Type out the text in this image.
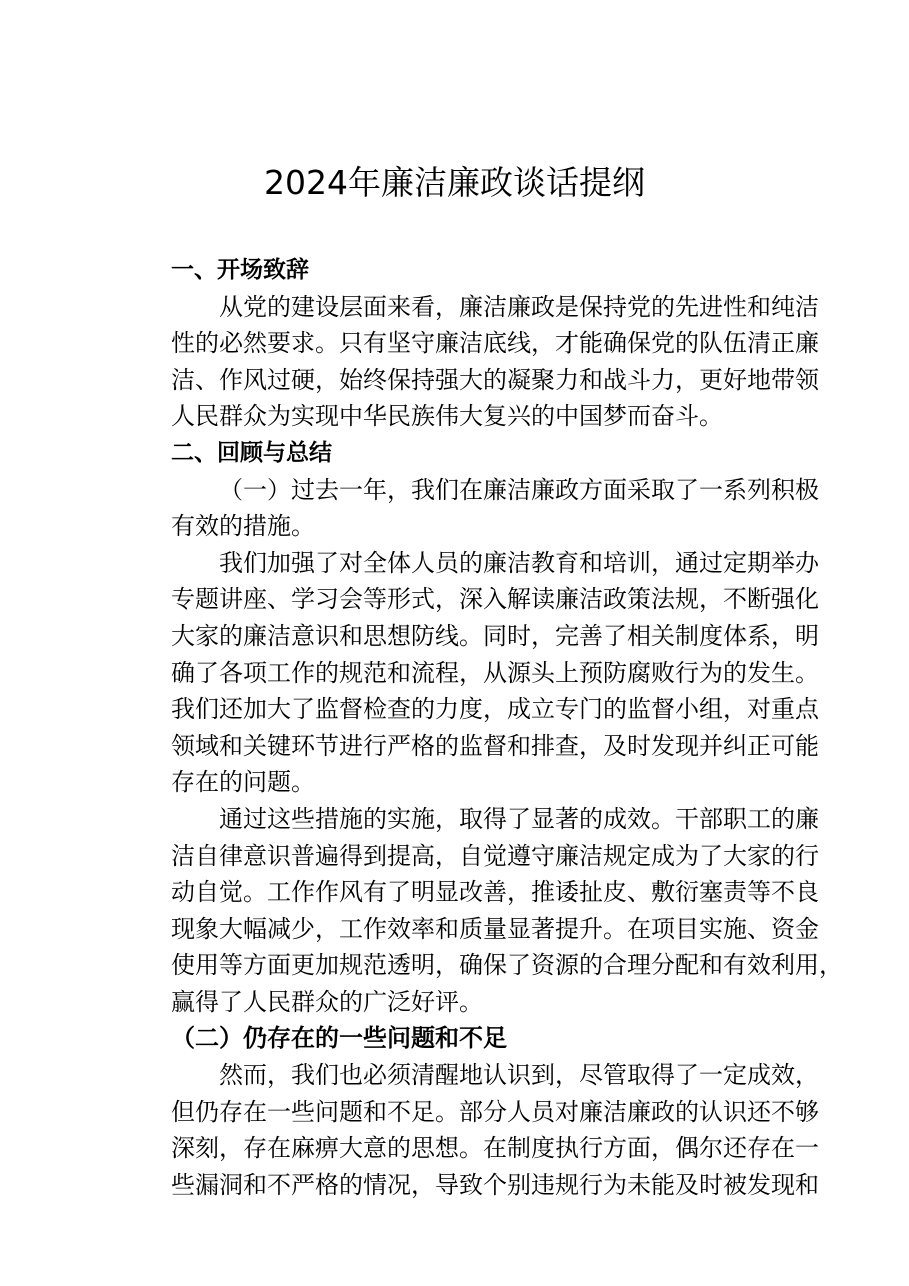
2024年廉洁廉政谈话提纲
一、开场致辞
从党的建设层面来看，廉洁廉政是保持党的先进性和纯洁
性的必然要求。只有坚守廉洁底线，才能确保党的队伍清正廉
洁、作风过硬，始终保持强大的凝聚力和战斗力，更好地带领
人民群众为实现中华民族伟大复兴的中国梦而奋斗。
二、回顾与总结
（一）过去一年，我们在廉洁廉政方面采取了一系列积极
有效的措施。
我们加强了对全体人员的廉洁教育和培训，通过定期举办
专题讲座、学习会等形式，深入解读廉洁政策法规，不断强化
大家的廉洁意识和思想防线。同时，完善了相关制度体系，明
确了各项工作的规范和流程，从源头上预防腐败行为的发生。
我们还加大了监督检查的力度，成立专门的监督小组，对重点
领域和关键环节进行严格的监督和排查，及时发现并纠正可能
存在的问题。
通过这些措施的实施，取得了显著的成效。干部职工的廉
洁自律意识普遍得到提高，自觉遵守廉洁规定成为了大家的行
动自觉。工作作风有了明显改善，推诿扯皮、敷衍塞责等不良
现象大幅减少，工作效率和质量显著提升。在项目实施、资金
使用等方面更加规范透明，确保了资源的合理分配和有效利用，
赢得了人民群众的广泛好评。
（二）仍存在的一些问题和不足
然而，我们也必须清醒地认识到，尽管取得了一定成效，
但仍存在一些问题和不足。部分人员对廉洁廉政的认识还不够
深刻，存在麻痹大意的思想。在制度执行方面，偶尔还存在一
些漏洞和不严格的情况，导致个别违规行为未能及时被发现和
